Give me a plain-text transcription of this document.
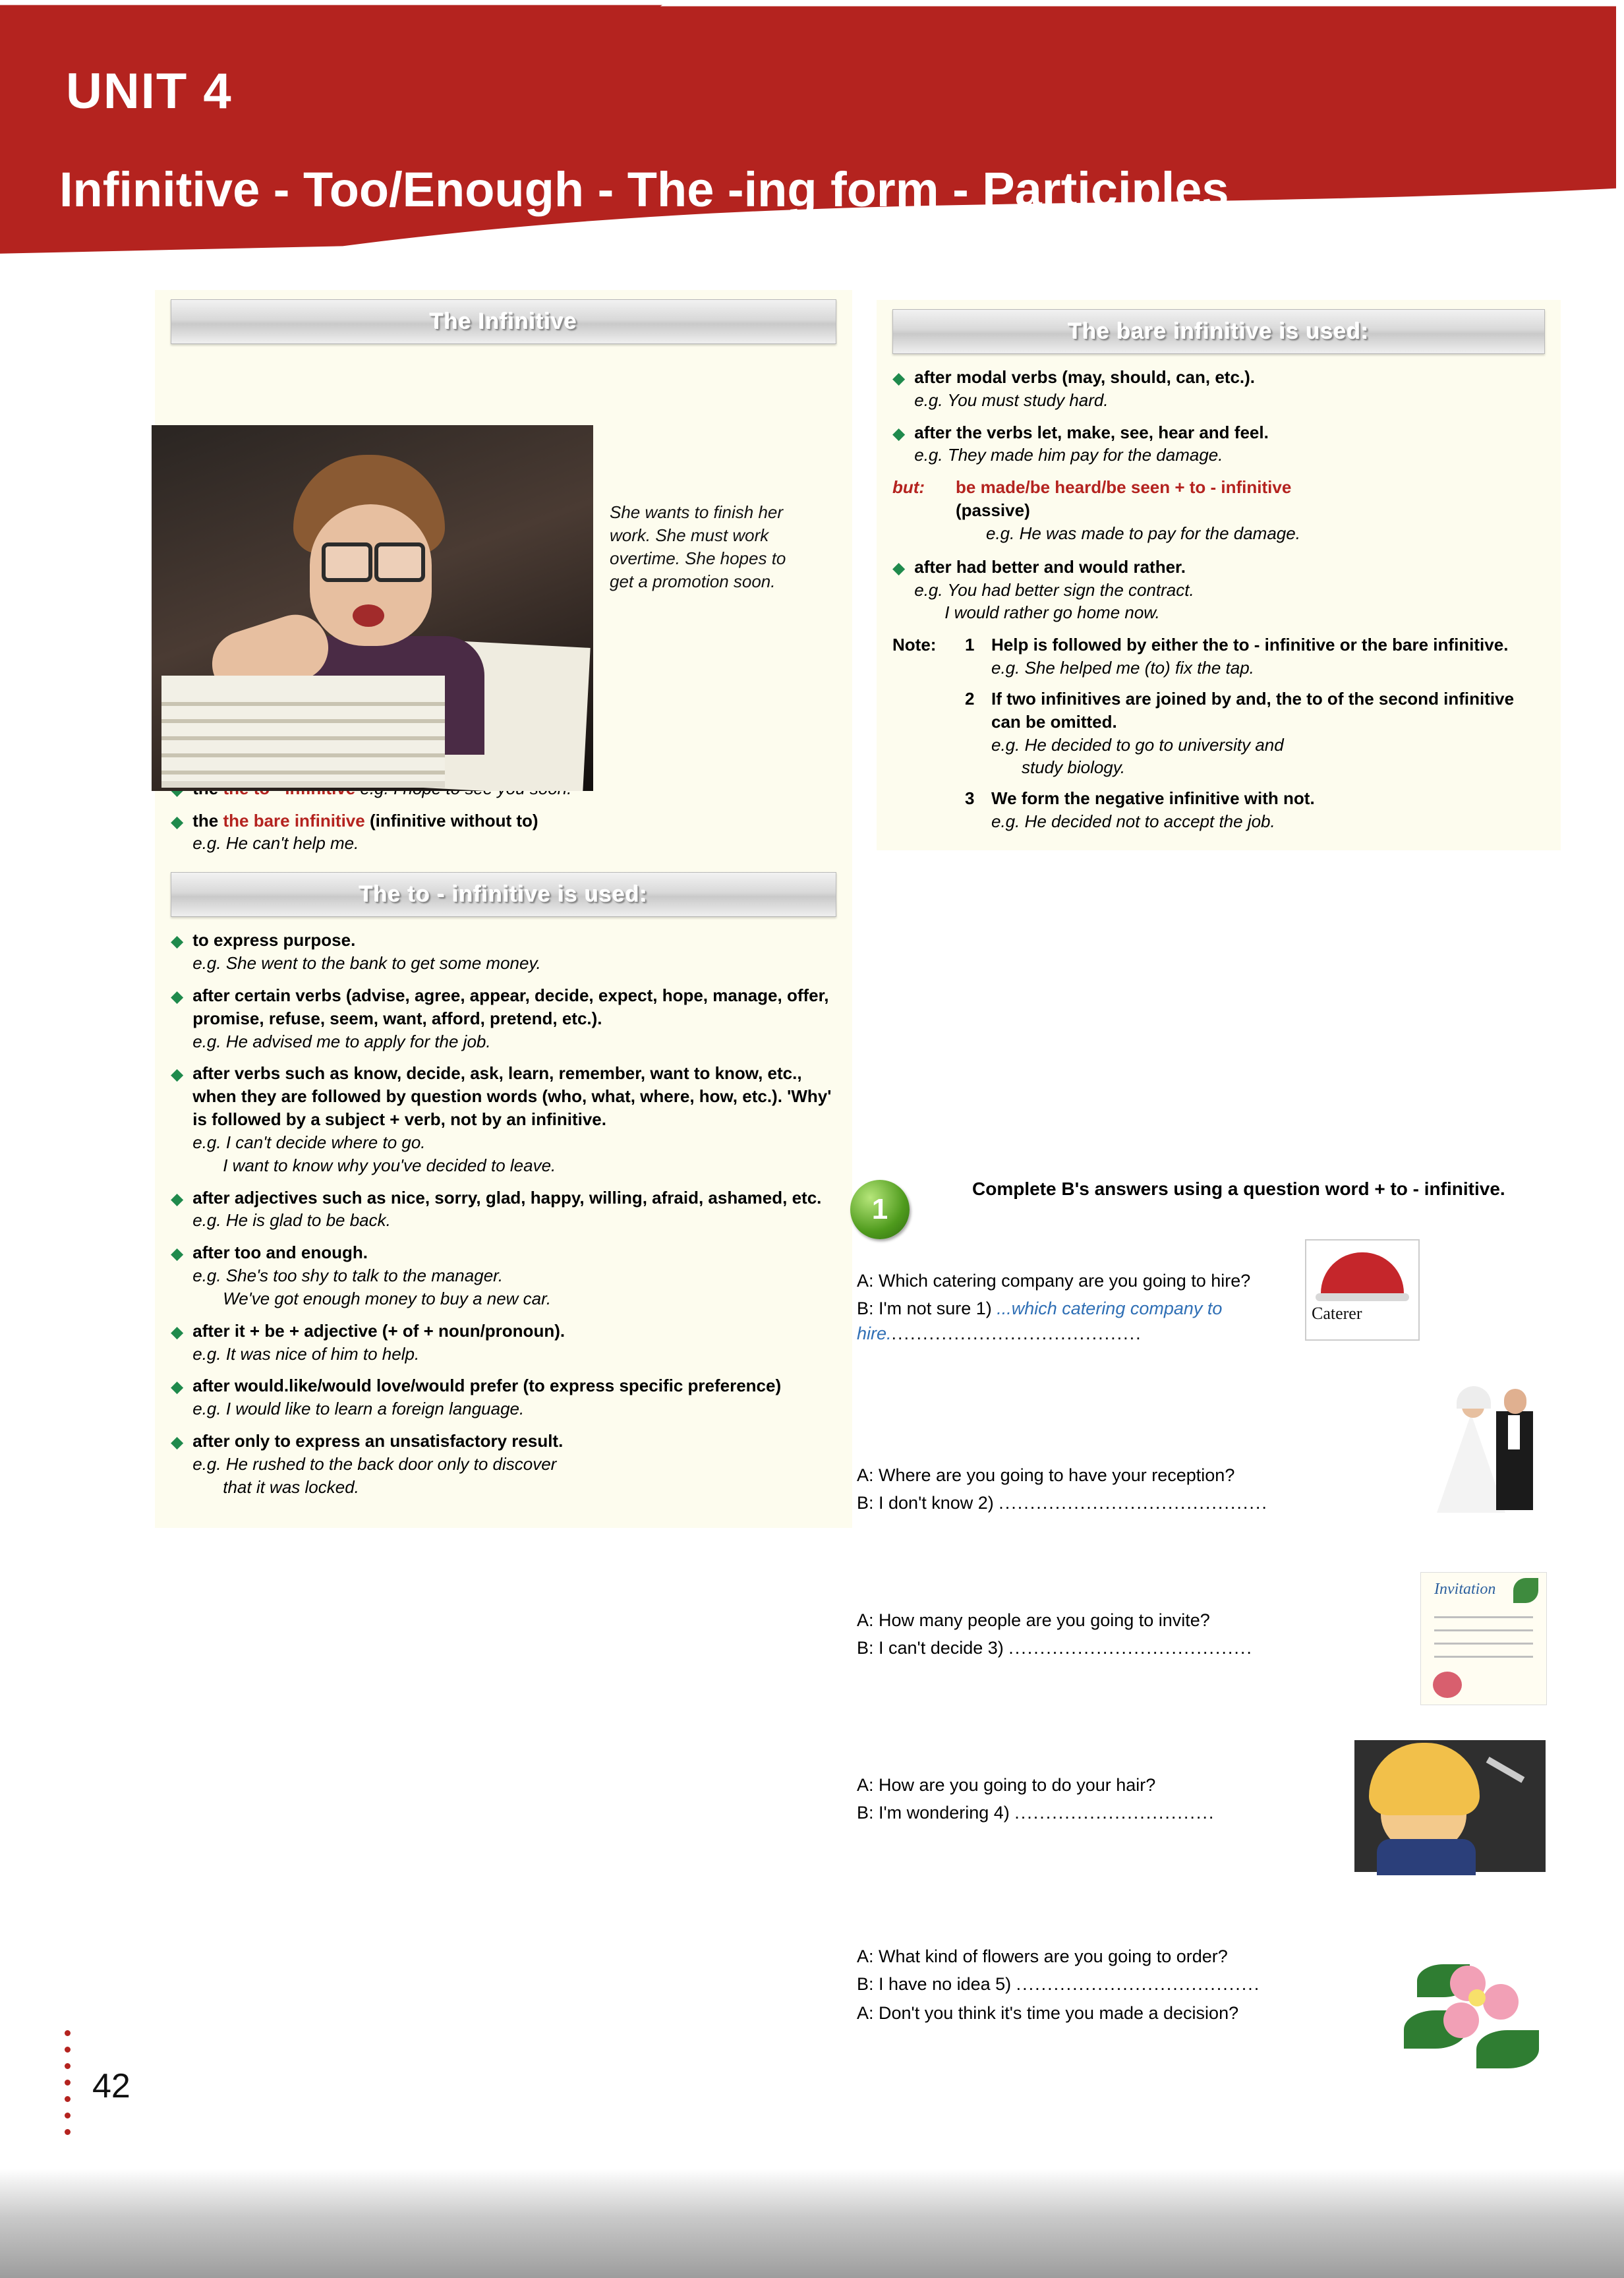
UNIT 4
Infinitive - Too/Enough - The -ing form - Participles
The Infinitive
◆ the the bare infinitive (infinitive without to)
e.g. He can't help me.
The to - infinitive is used:
◆ to express purpose.
e.g. She went to the bank to get some money.
◆ after certain verbs (advise, agree, appear, decide, expect, hope, manage, offer, promise, refuse, seem, want, afford, pretend, etc.).
e.g. He advised me to apply for the job.
◆ after verbs such as know, decide, ask, learn, remember, want to know, etc., when they are followed by question words (who, what, where, how, etc.). 'Why' is followed by a subject + verb, not by an infinitive.
e.g. I can't decide where to go.
I want to know why you've decided to leave.
◆ after adjectives such as nice, sorry, glad, happy, willing, afraid, ashamed, etc.
e.g. He is glad to be back.
◆ after too and enough.
e.g. She's too shy to talk to the manager.
We've got enough money to buy a new car.
◆ after it + be + adjective (+ of + noun/pronoun).
e.g. It was nice of him to help.
◆ after would.like/would love/would prefer (to express specific preference)
e.g. I would like to learn a foreign language.
◆ after only to express an unsatisfactory result.
e.g. He rushed to the back door only to discover
that it was locked.
She wants to finish her work. She must work overtime. She hopes to get a promotion soon.
The bare infinitive is used:
◆ after modal verbs (may, should, can, etc.).
e.g. You must study hard.
◆ after the verbs let, make, see, hear and feel.
e.g. They made him pay for the damage.
but:	be made/be heard/be seen + to - infinitive
(passive)
e.g. He was made to pay for the damage.
◆ after had better and would rather.
e.g. You had better sign the contract.
I would rather go home now.
Note:	1 Help is followed by either the to - infinitive or the bare infinitive.
e.g. She helped me (to) fix the tap.
2 If two infinitives are joined by and, the to of the second infinitive can be omitted.
e.g. He decided to go to university and
study biology.
3 We form the negative infinitive with not.
e.g. He decided not to accept the job.
1
Complete B's answers using a question word + to - infinitive.
A: Which catering company are you going to hire?
B: I'm not sure 1) ...which catering company to hire.........................................
A: Where are you going to have your reception?
B: I don't know 2) ...........................................
A: How many people are you going to invite?
B: I can't decide 3) .......................................
A: How are you going to do your hair?
B: I'm wondering 4) ................................
A: What kind of flowers are you going to order?
B: I have no idea 5) .......................................
A: Don't you think it's time you made a decision?
Caterer
Invitation
42
